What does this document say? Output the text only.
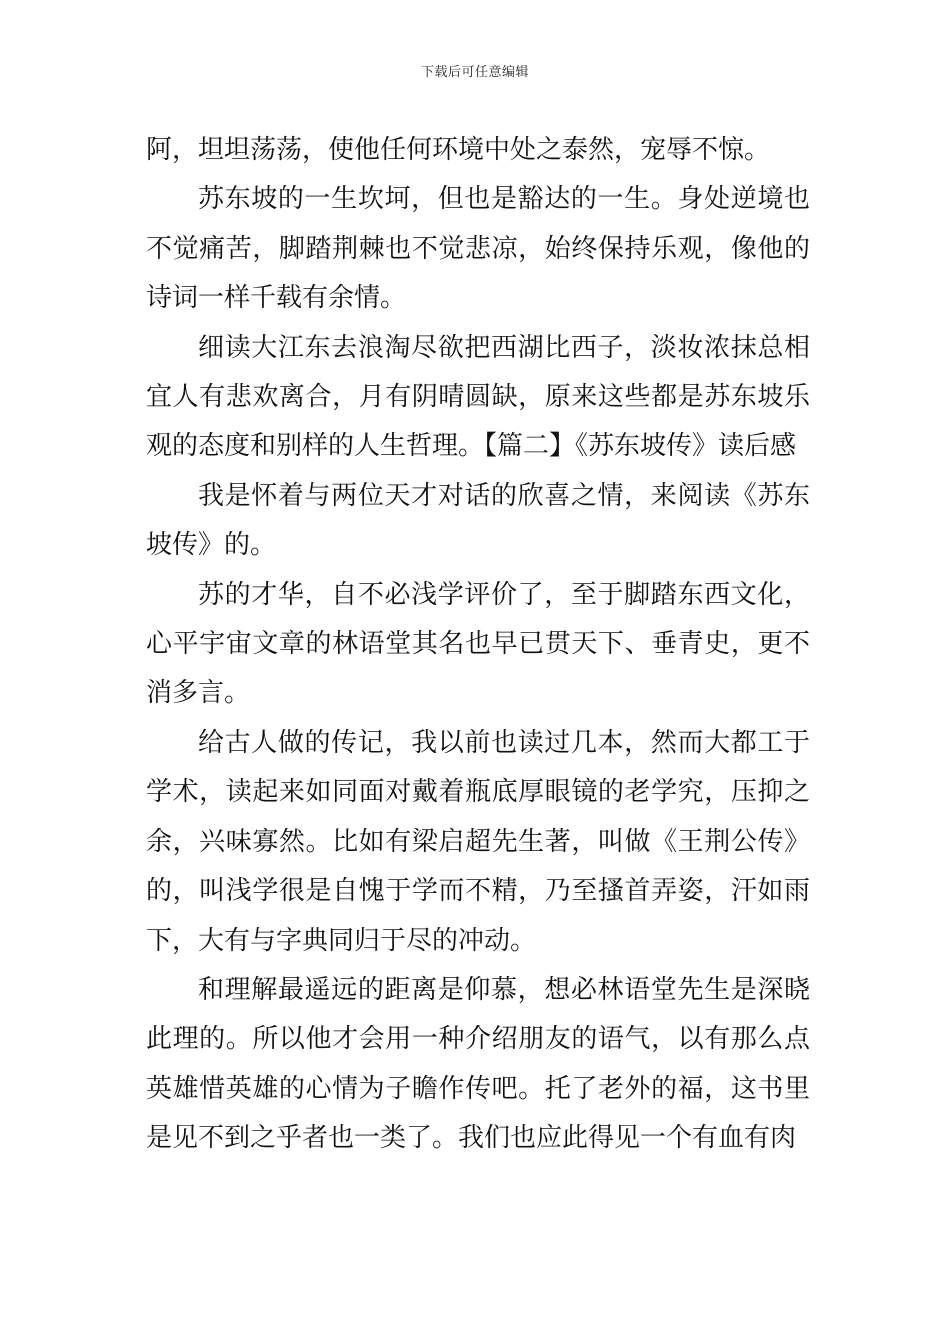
下载后可任意编辑

阿，坦坦荡荡，使他任何环境中处之泰然，宠辱不惊。

苏东坡的一生坎坷，但也是豁达的一生。身处逆境也不觉痛苦，脚踏荆棘也不觉悲凉，始终保持乐观，像他的诗词一样千载有余情。

细读大江东去浪淘尽欲把西湖比西子，淡妆浓抹总相宜人有悲欢离合，月有阴晴圆缺，原来这些都是苏东坡乐观的态度和别样的人生哲理。【篇二】《苏东坡传》读后感

我是怀着与两位天才对话的欣喜之情，来阅读《苏东坡传》的。

苏的才华，自不必浅学评价了，至于脚踏东西文化，心平宇宙文章的林语堂其名也早已贯天下、垂青史，更不消多言。

给古人做的传记，我以前也读过几本，然而大都工于学术，读起来如同面对戴着瓶底厚眼镜的老学究，压抑之余，兴味寡然。比如有梁启超先生著，叫做《王荆公传》的，叫浅学很是自愧于学而不精，乃至搔首弄姿，汗如雨下，大有与字典同归于尽的冲动。

和理解最遥远的距离是仰慕，想必林语堂先生是深晓此理的。所以他才会用一种介绍朋友的语气，以有那么点英雄惜英雄的心情为子瞻作传吧。托了老外的福，这书里是见不到之乎者也一类了。我们也应此得见一个有血有肉
